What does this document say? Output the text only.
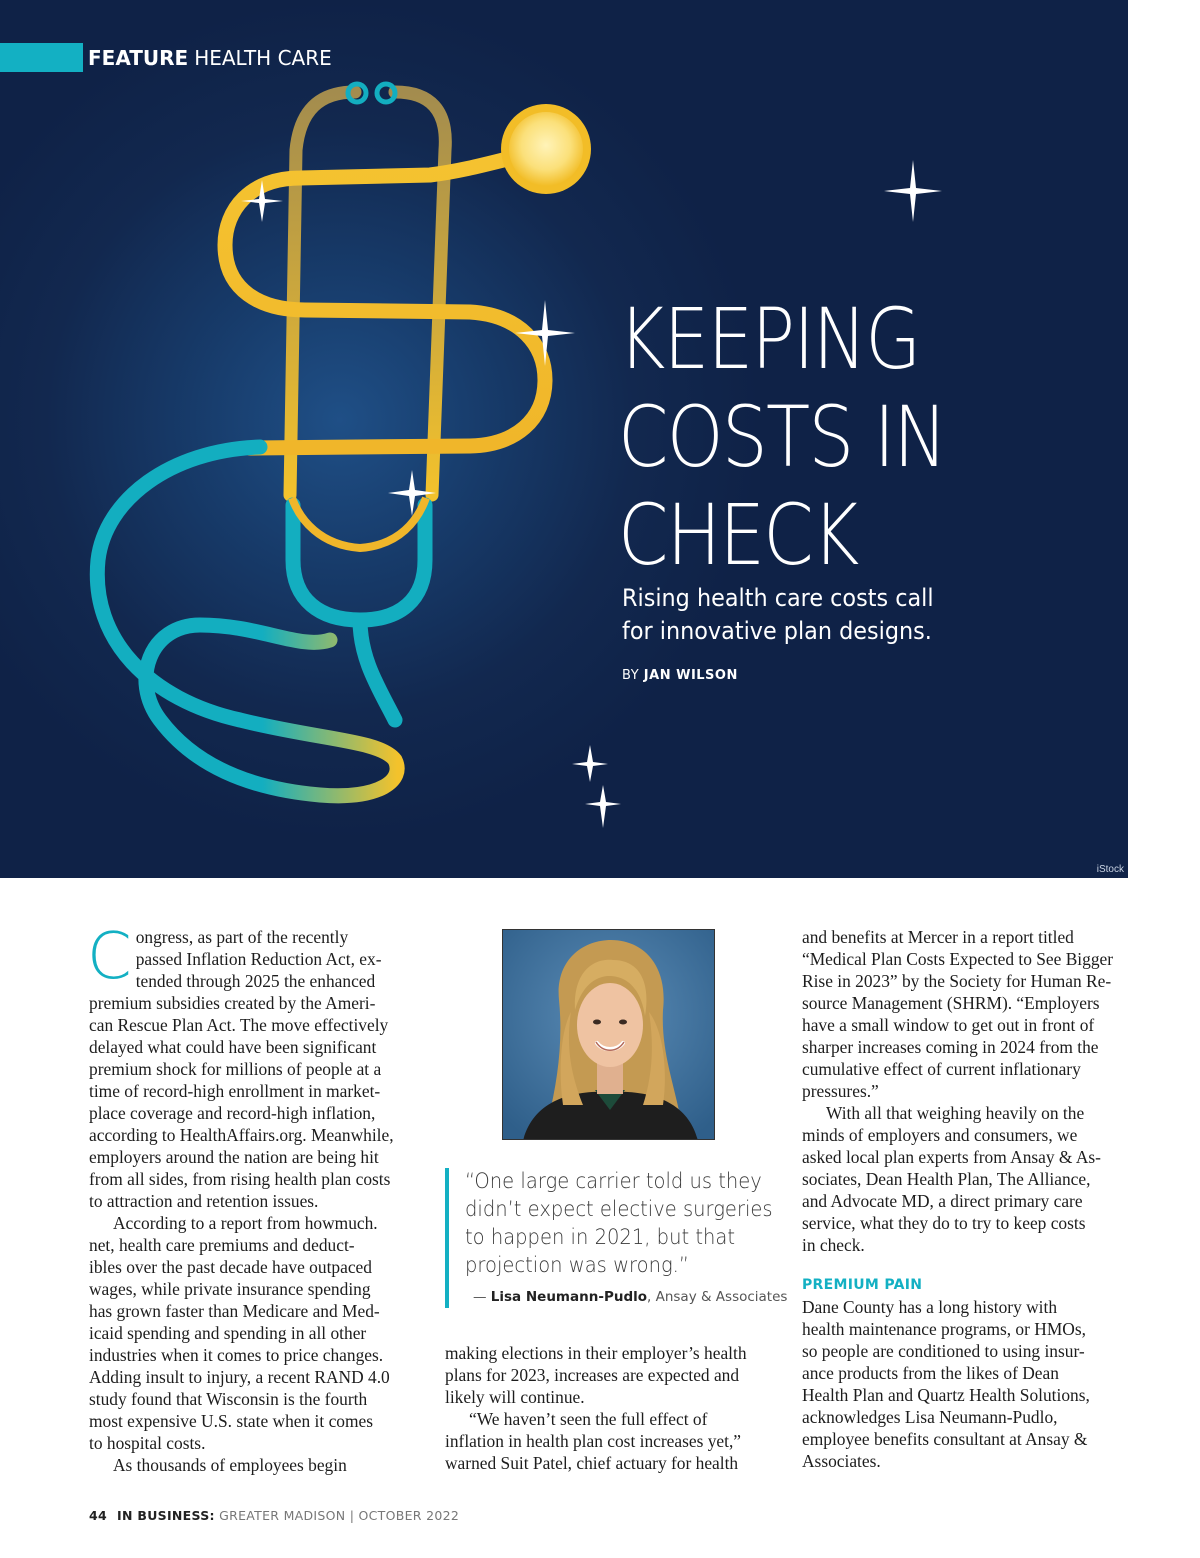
FEATURE HEALTH CARE
KEEPING
COSTS IN
CHECK
Rising health care costs call
for innovative plan designs.
BY JAN WILSON
iStock

C ongress, as part of the recently
passed Inflation Reduction Act, ex-
tended through 2025 the enhanced
premium subsidies created by the Ameri-
can Rescue Plan Act. The move effectively
delayed what could have been significant
premium shock for millions of people at a
time of record-high enrollment in market-
place coverage and record-high inflation,
according to HealthAffairs.org. Meanwhile,
employers around the nation are being hit
from all sides, from rising health plan costs
to attraction and retention issues.

According to a report from howmuch.
net, health care premiums and deduct-
ibles over the past decade have outpaced
wages, while private insurance spending
has grown faster than Medicare and Med-
icaid spending and spending in all other
industries when it comes to price changes.
Adding insult to injury, a recent RAND 4.0
study found that Wisconsin is the fourth
most expensive U.S. state when it comes
to hospital costs.

As thousands of employees begin

“One large carrier told us they
didn’t expect elective surgeries
to happen in 2021, but that
projection was wrong.”
— Lisa Neumann-Pudlo, Ansay & Associates

making elections in their employer’s health
plans for 2023, increases are expected and
likely will continue.

“We haven’t seen the full effect of
inflation in health plan cost increases yet,”
warned Suit Patel, chief actuary for health

and benefits at Mercer in a report titled
“Medical Plan Costs Expected to See Bigger
Rise in 2023” by the Society for Human Re-
source Management (SHRM). “Employers
have a small window to get out in front of
sharper increases coming in 2024 from the
cumulative effect of current inflationary
pressures.”

With all that weighing heavily on the
minds of employers and consumers, we
asked local plan experts from Ansay & As-
sociates, Dean Health Plan, The Alliance,
and Advocate MD, a direct primary care
service, what they do to try to keep costs
in check.

PREMIUM PAIN

Dane County has a long history with
health maintenance programs, or HMOs,
so people are conditioned to using insur-
ance products from the likes of Dean
Health Plan and Quartz Health Solutions,
acknowledges Lisa Neumann-Pudlo,
employee benefits consultant at Ansay &
Associates.

44 IN BUSINESS: GREATER MADISON | OCTOBER 2022
